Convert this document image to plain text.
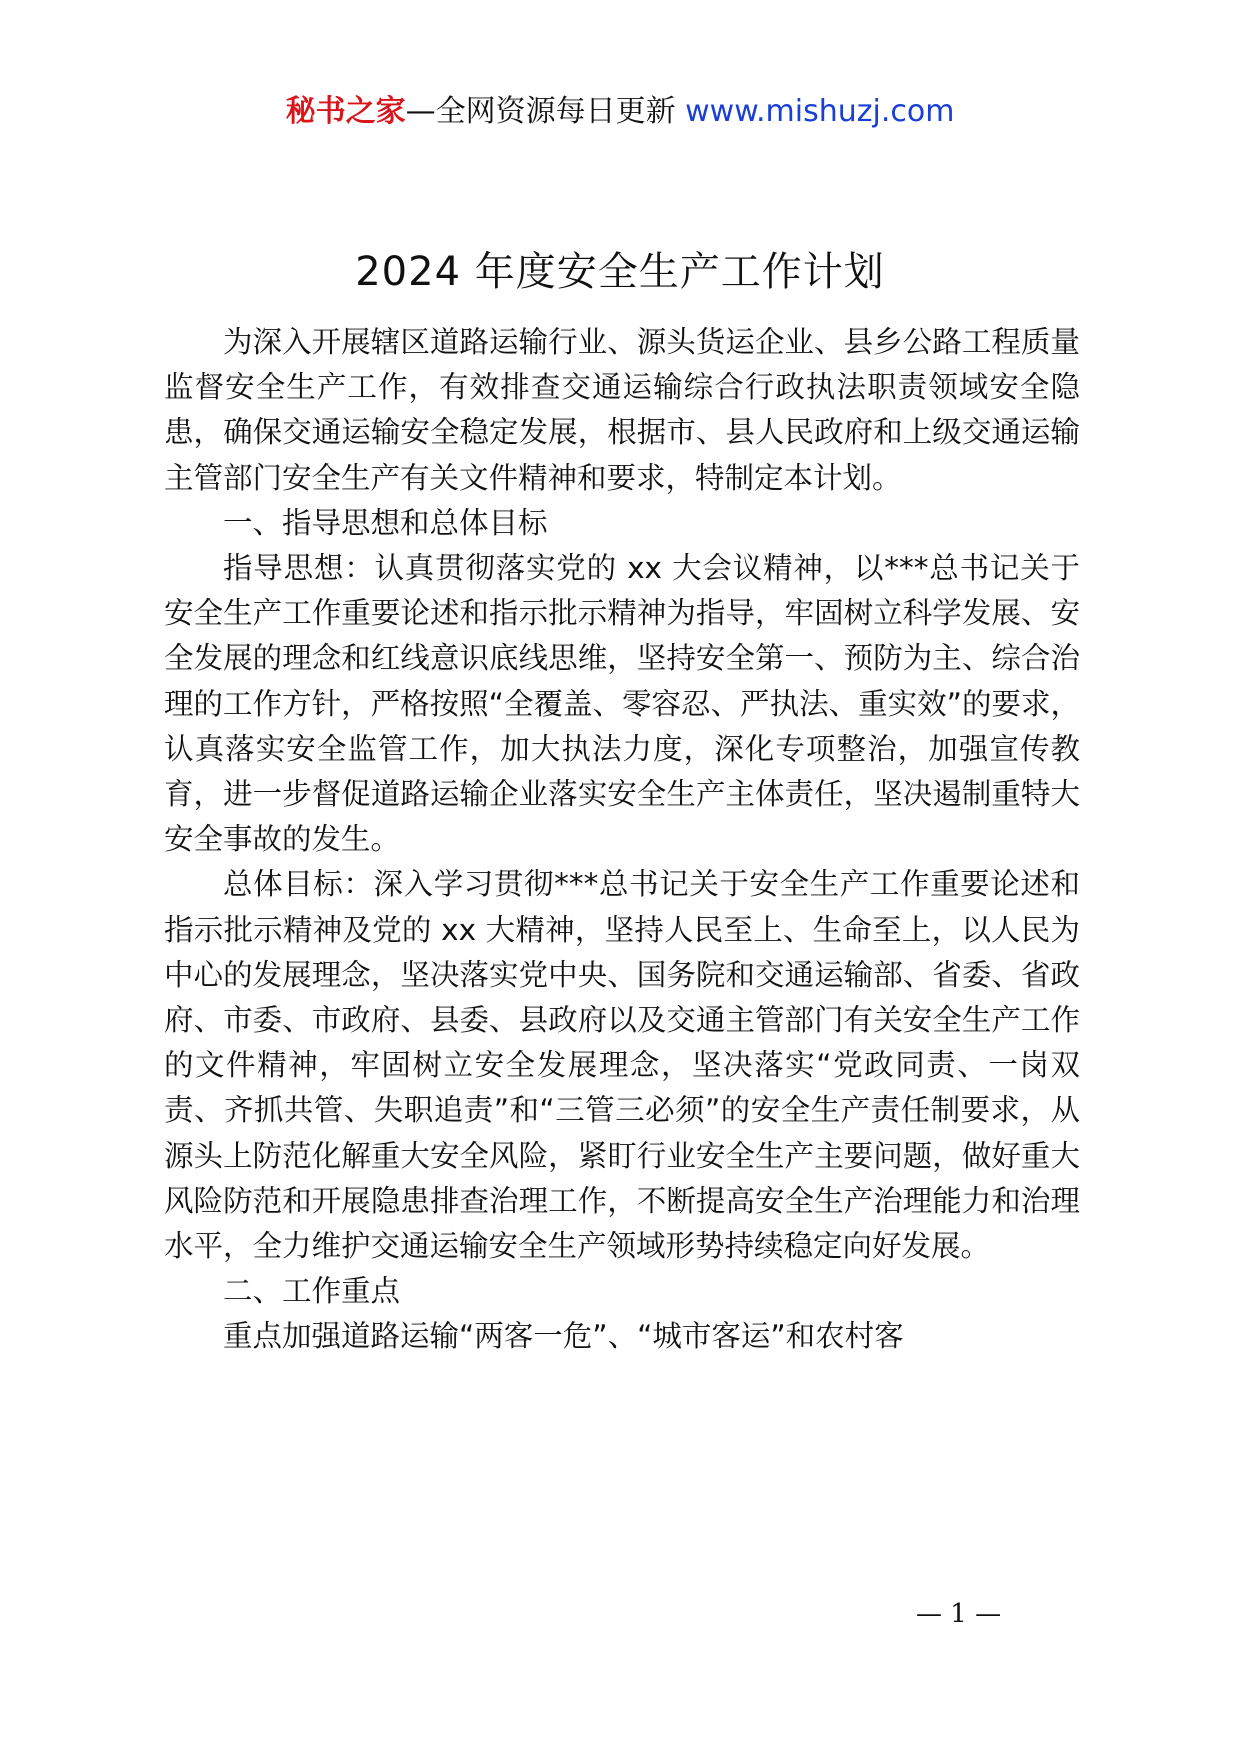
秘书之家—全网资源每日更新 www.mishuzj.com
2024 年度安全生产工作计划

为深入开展辖区道路运输行业、源头货运企业、县乡公路工程质量监督安全生产工作，有效排查交通运输综合行政执法职责领域安全隐患，确保交通运输安全稳定发展，根据市、县人民政府和上级交通运输主管部门安全生产有关文件精神和要求，特制定本计划。

一、指导思想和总体目标

指导思想：认真贯彻落实党的 xx 大会议精神，以***总书记关于安全生产工作重要论述和指示批示精神为指导，牢固树立科学发展、安全发展的理念和红线意识底线思维，坚持安全第一、预防为主、综合治理的工作方针，严格按照“全覆盖、零容忍、严执法、重实效”的要求，认真落实安全监管工作，加大执法力度，深化专项整治，加强宣传教育，进一步督促道路运输企业落实安全生产主体责任，坚决遏制重特大安全事故的发生。

总体目标：深入学习贯彻***总书记关于安全生产工作重要论述和指示批示精神及党的 xx 大精神，坚持人民至上、生命至上，以人民为中心的发展理念，坚决落实党中央、国务院和交通运输部、省委、省政府、市委、市政府、县委、县政府以及交通主管部门有关安全生产工作的文件精神，牢固树立安全发展理念，坚决落实“党政同责、一岗双责、齐抓共管、失职追责”和“三管三必须”的安全生产责任制要求，从源头上防范化解重大安全风险，紧盯行业安全生产主要问题，做好重大风险防范和开展隐患排查治理工作，不断提高安全生产治理能力和治理水平，全力维护交通运输安全生产领域形势持续稳定向好发展。

二、工作重点

重点加强道路运输“两客一危”、“城市客运”和农村客

— 1 —
